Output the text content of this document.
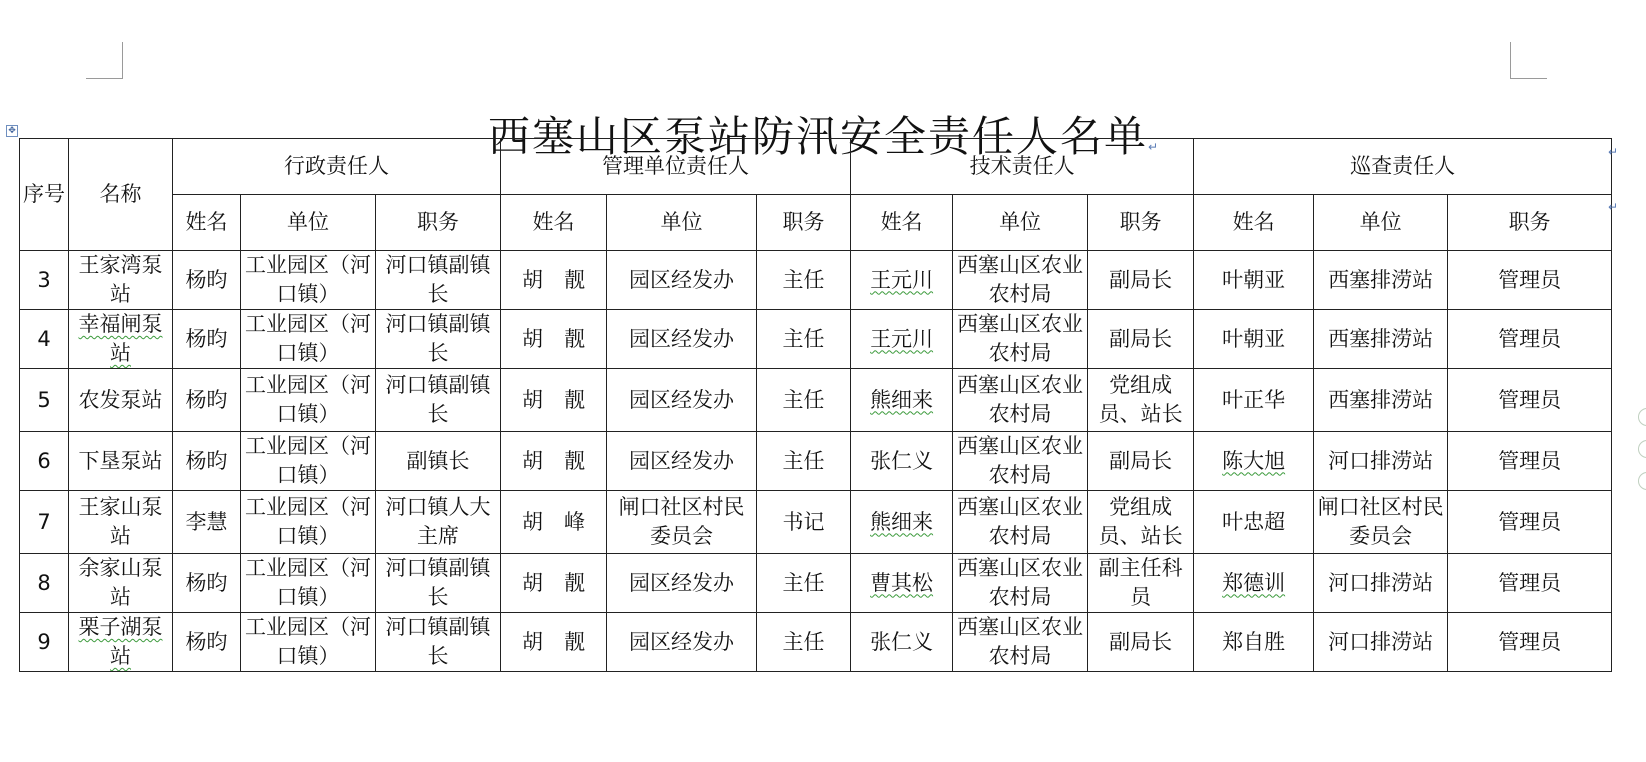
✥	西塞山区泵站防汛安全责任人名单↵
序号	名称	行政责任人			管理单位责任人			技术责任人			巡查责任人		
		姓名	单位	职务	姓名	单位	职务	姓名	单位	职务	姓名	单位	职务
3	王家湾泵站	杨昀	工业园区（河口镇）	河口镇副镇长	胡　靓	园区经发办	主任	王元川	西塞山区农业农村局	副局长	叶朝亚	西塞排涝站	管理员
4	幸福闸泵站	杨昀	工业园区（河口镇）	河口镇副镇长	胡　靓	园区经发办	主任	王元川	西塞山区农业农村局	副局长	叶朝亚	西塞排涝站	管理员
5	农发泵站	杨昀	工业园区（河口镇）	河口镇副镇长	胡　靓	园区经发办	主任	熊细来	西塞山区农业农村局	党组成员、站长	叶正华	西塞排涝站	管理员
6	下垦泵站	杨昀	工业园区（河口镇）	副镇长	胡　靓	园区经发办	主任	张仁义	西塞山区农业农村局	副局长	陈大旭	河口排涝站	管理员
7	王家山泵站	李慧	工业园区（河口镇）	河口镇人大主席	胡　峰	闸口社区村民委员会	书记	熊细来	西塞山区农业农村局	党组成员、站长	叶忠超	闸口社区村民委员会	管理员
8	余家山泵站	杨昀	工业园区（河口镇）	河口镇副镇长	胡　靓	园区经发办	主任	曹其松	西塞山区农业农村局	副主任科员	郑德训	河口排涝站	管理员
9	栗子湖泵站	杨昀	工业园区（河口镇）	河口镇副镇长	胡　靓	园区经发办	主任	张仁义	西塞山区农业农村局	副局长	郑自胜	河口排涝站	管理员
↵
↵
